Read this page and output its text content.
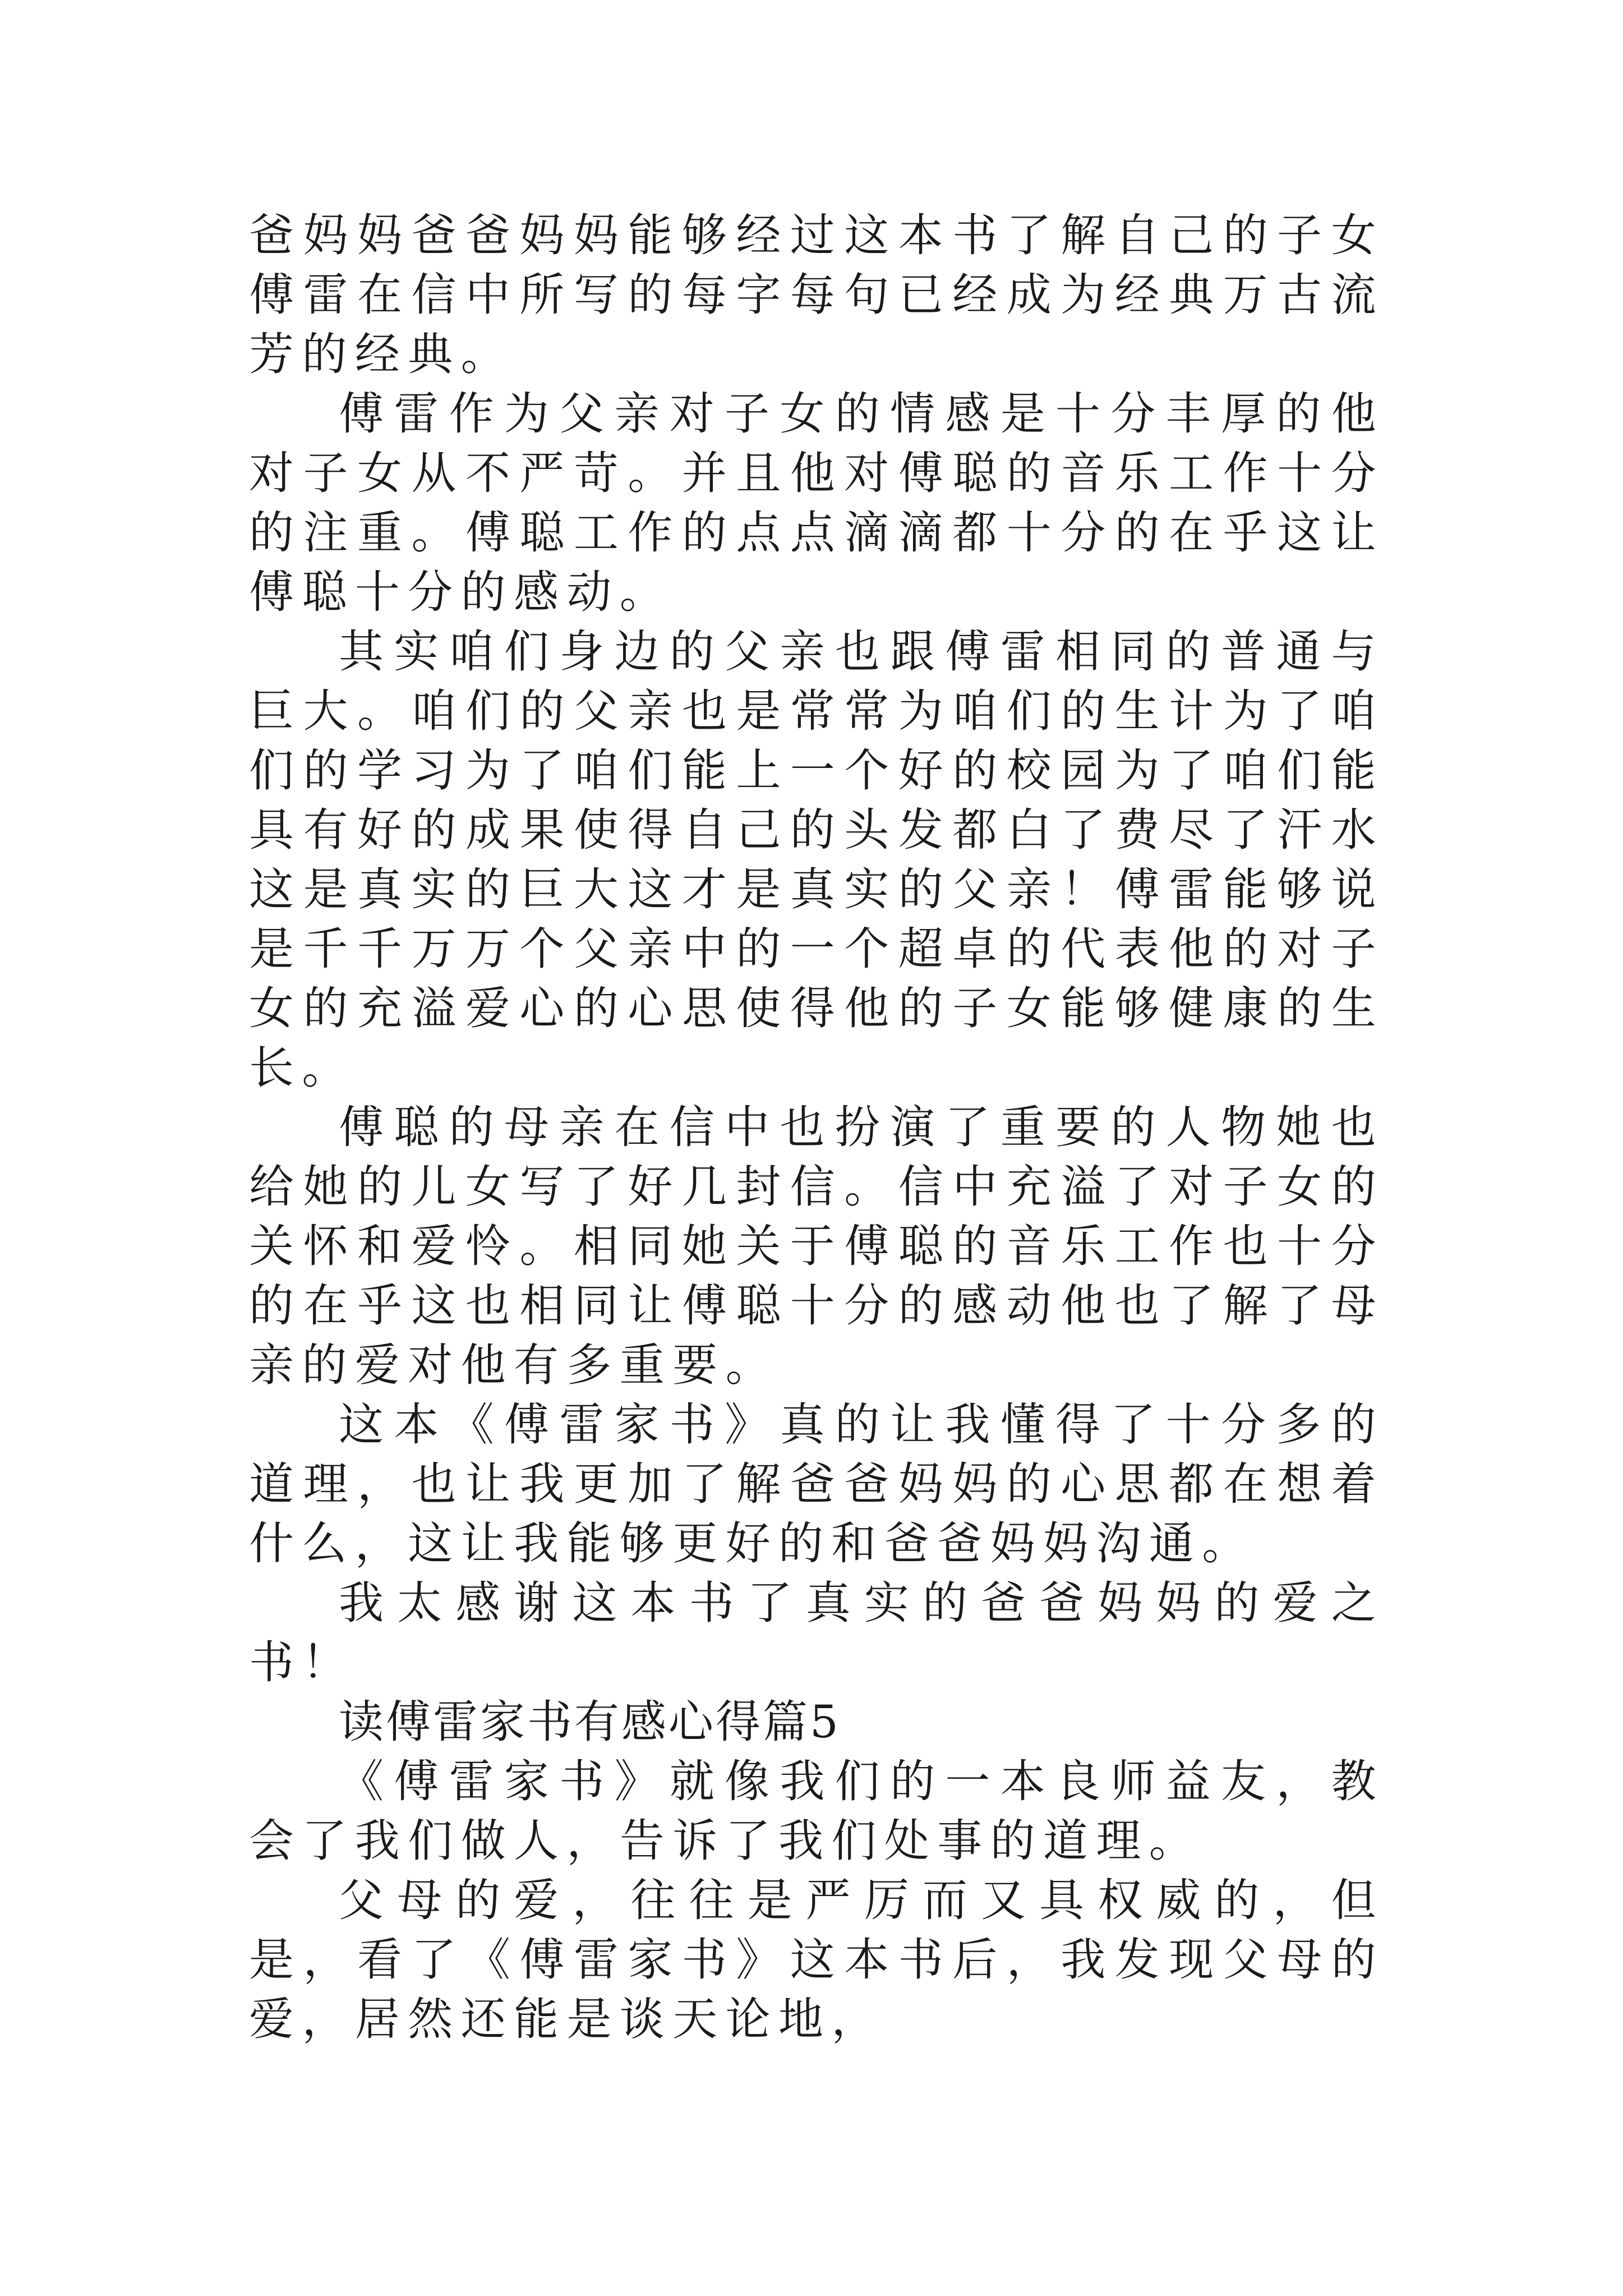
爸妈妈爸爸妈妈能够经过这本书了解自己的子女傅雷在信中所写的每字每句已经成为经典万古流芳的经典。

傅雷作为父亲对子女的情感是十分丰厚的他对子女从不严苛。并且他对傅聪的音乐工作十分的注重。傅聪工作的点点滴滴都十分的在乎这让傅聪十分的感动。

其实咱们身边的父亲也跟傅雷相同的普通与巨大。咱们的父亲也是常常为咱们的生计为了咱们的学习为了咱们能上一个好的校园为了咱们能具有好的成果使得自己的头发都白了费尽了汗水这是真实的巨大这才是真实的父亲！傅雷能够说是千千万万个父亲中的一个超卓的代表他的对子女的充溢爱心的心思使得他的子女能够健康的生长。

傅聪的母亲在信中也扮演了重要的人物她也给她的儿女写了好几封信。信中充溢了对子女的关怀和爱怜。相同她关于傅聪的音乐工作也十分的在乎这也相同让傅聪十分的感动他也了解了母亲的爱对他有多重要。

这本《傅雷家书》真的让我懂得了十分多的道理，也让我更加了解爸爸妈妈的心思都在想着什么，这让我能够更好的和爸爸妈妈沟通。

我太感谢这本书了真实的爸爸妈妈的爱之书！

读傅雷家书有感心得篇5

《傅雷家书》就像我们的一本良师益友，教会了我们做人，告诉了我们处事的道理。

父母的爱，往往是严厉而又具权威的，但是，看了《傅雷家书》这本书后，我发现父母的爱，居然还能是谈天论地，
